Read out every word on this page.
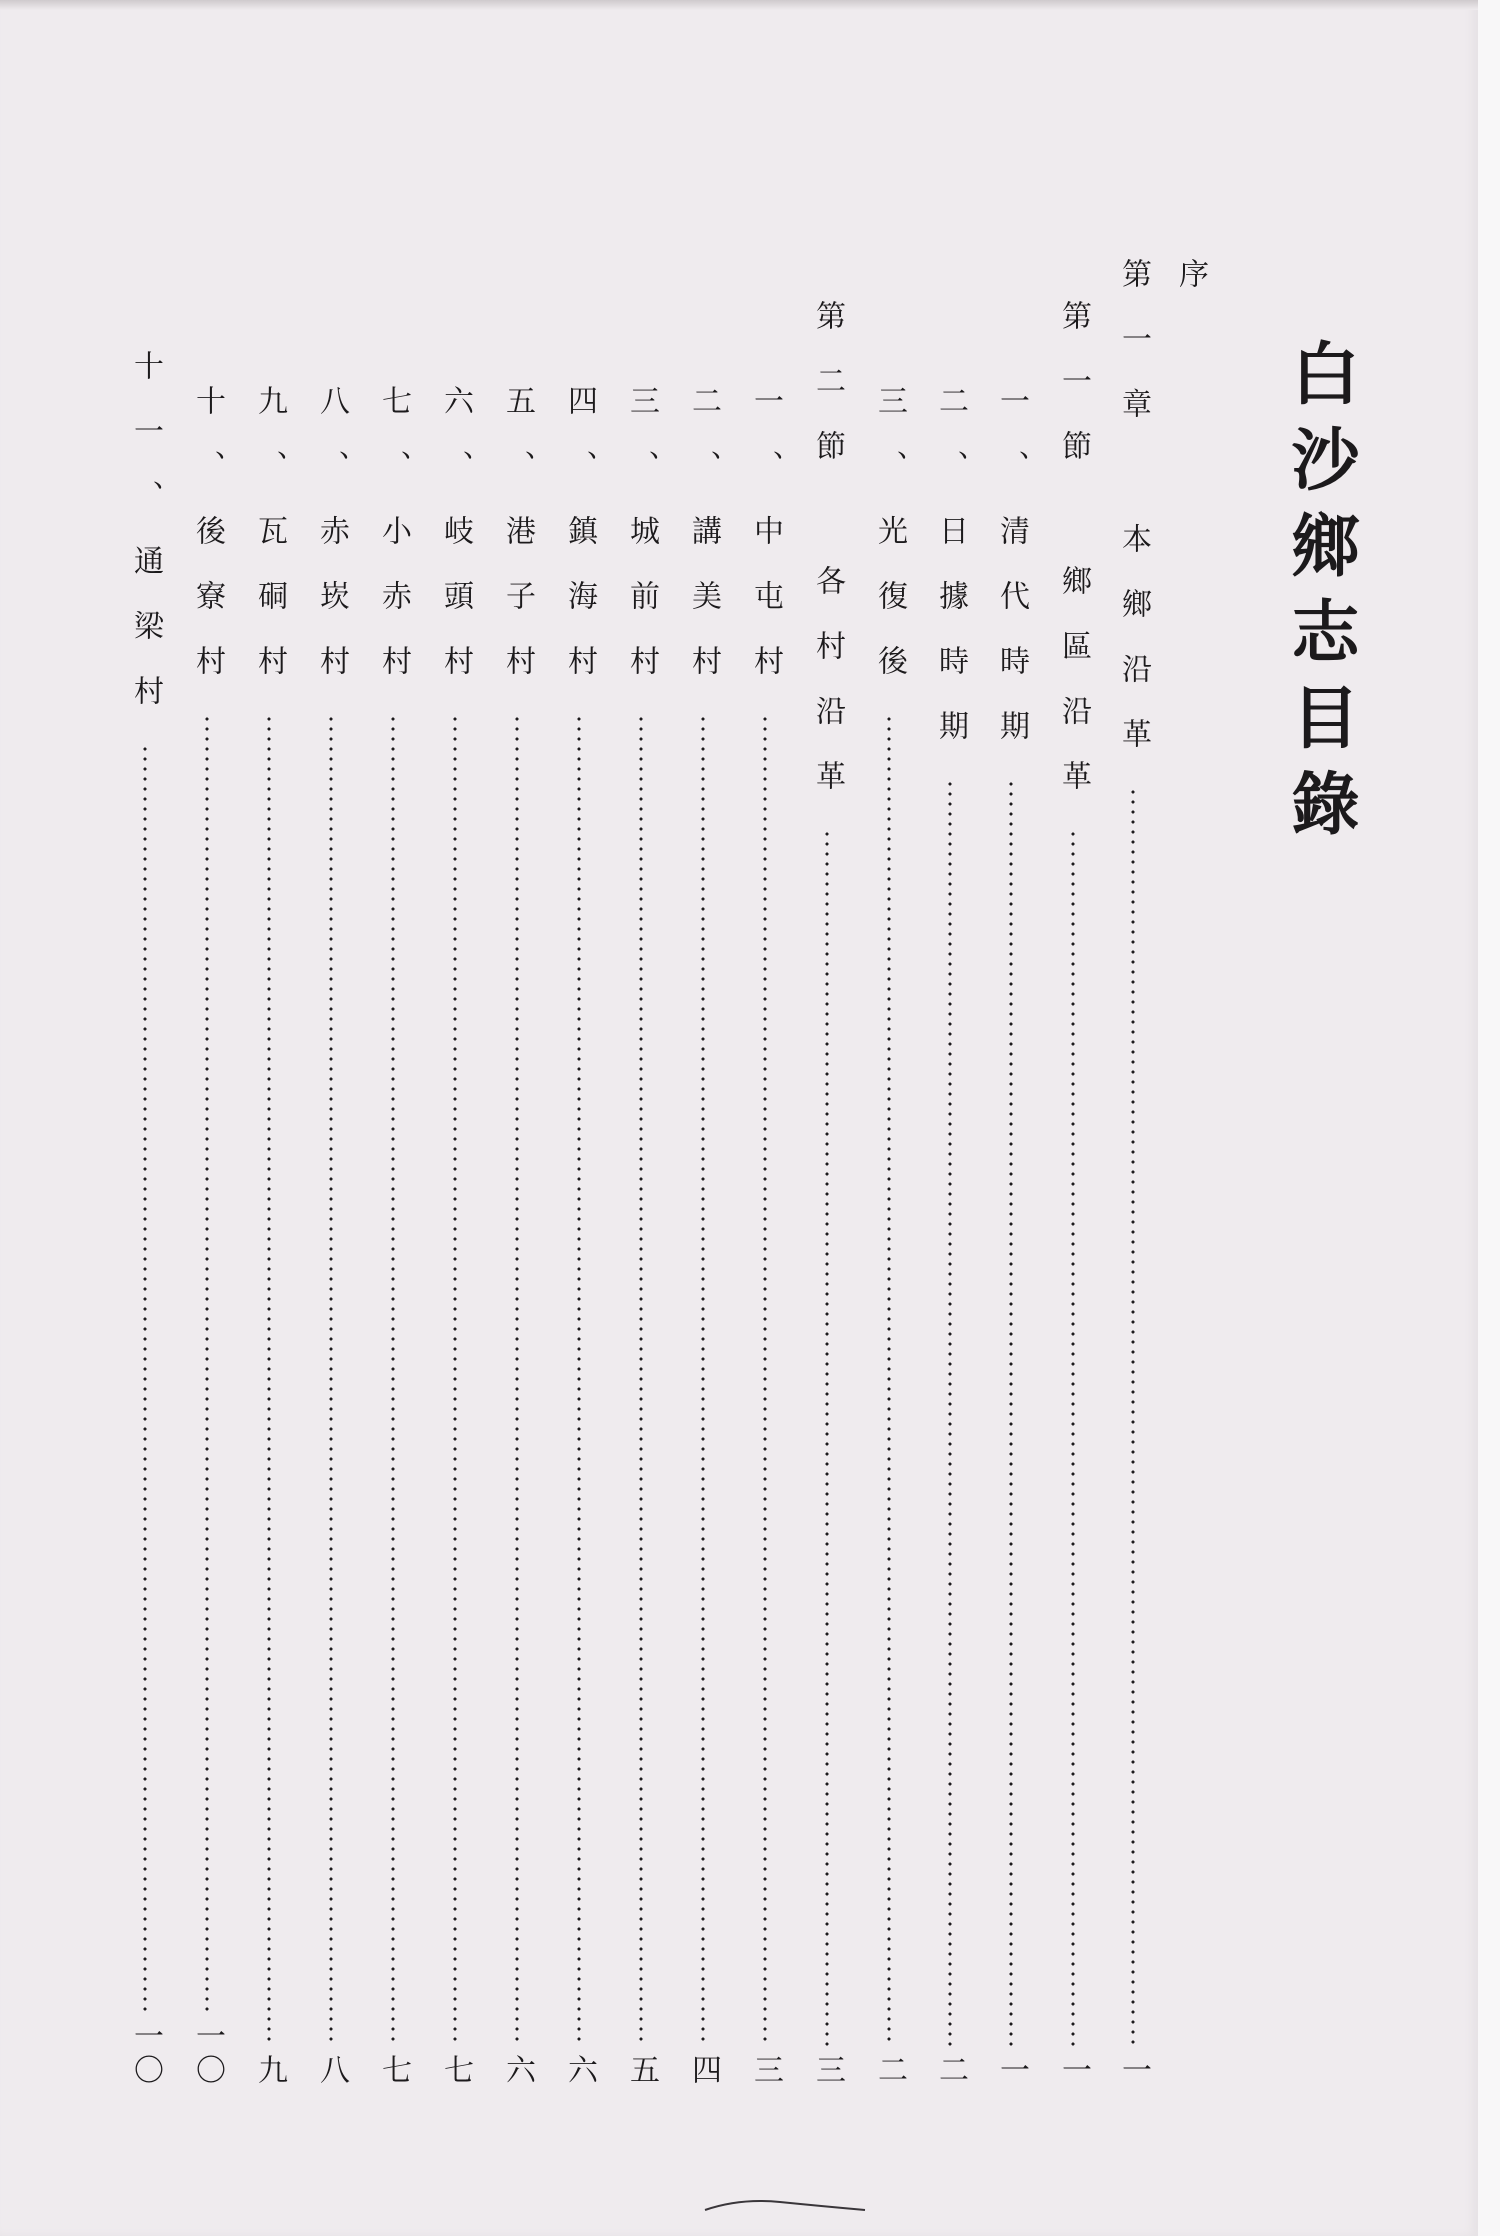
白沙鄉志目錄
序
第一章 本鄉沿革
一
第一節 鄉區沿革
一
一、清代時期
一
二、日據時期
二
三、光復後
二
第二節 各村沿革
三
一、中屯村
三
二、講美村
四
三、城前村
五
四、鎮海村
六
五、港子村
六
六、岐頭村
七
七、小赤村
七
八、赤崁村
八
九、瓦硐村
九
十、後寮村
一〇
十一、通梁村
一〇
